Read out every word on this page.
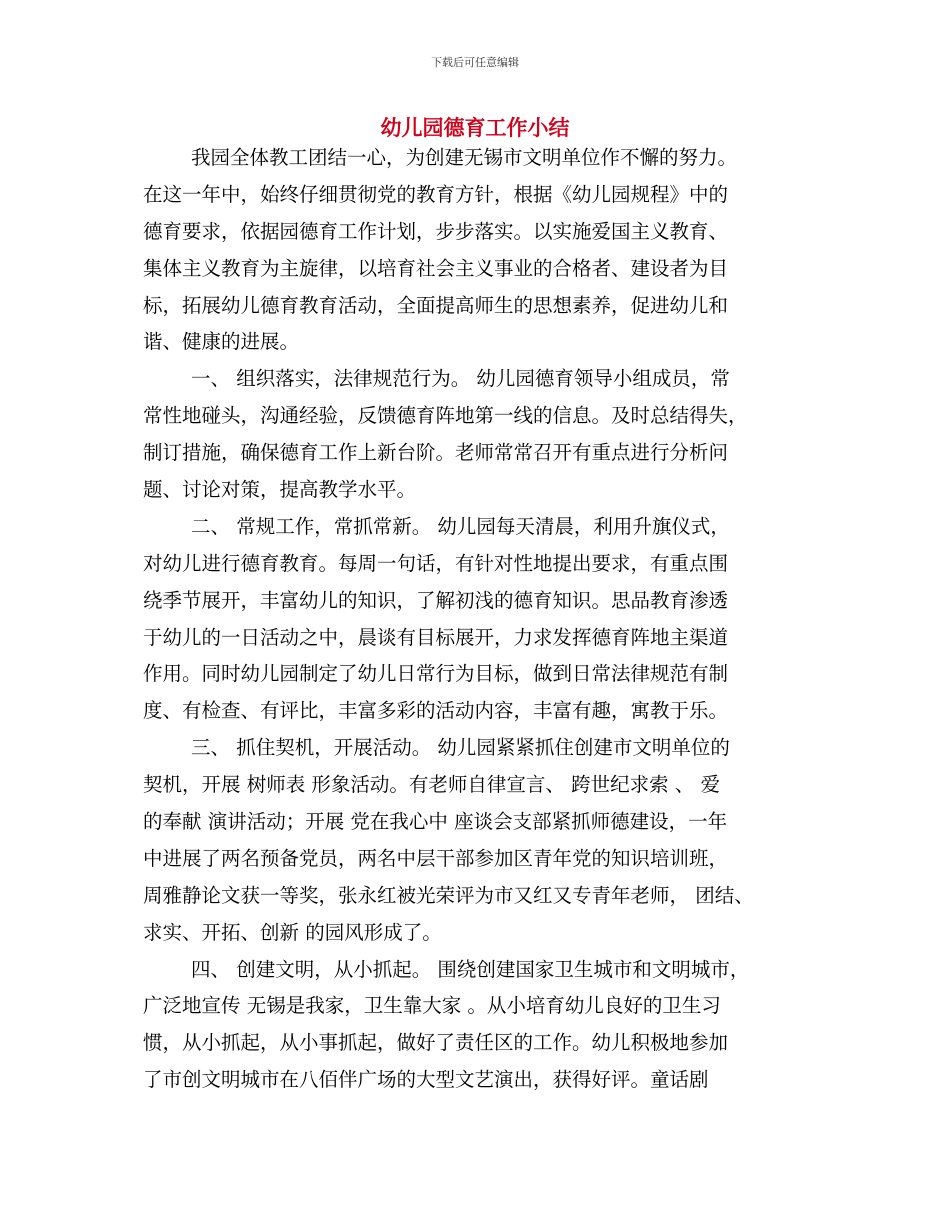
下载后可任意编辑
幼儿园德育工作小结
我园全体教工团结一心，为创建无锡市文明单位作不懈的努力。
在这一年中，始终仔细贯彻党的教育方针，根据《幼儿园规程》中的
德育要求，依据园德育工作计划，步步落实。以实施爱国主义教育、
集体主义教育为主旋律，以培育社会主义事业的合格者、建设者为目
标，拓展幼儿德育教育活动，全面提高师生的思想素养，促进幼儿和
谐、健康的进展。
一、 组织落实，法律规范行为。 幼儿园德育领导小组成员，常
常性地碰头，沟通经验，反馈德育阵地第一线的信息。及时总结得失，
制订措施，确保德育工作上新台阶。老师常常召开有重点进行分析问
题、讨论对策，提高教学水平。
二、 常规工作，常抓常新。 幼儿园每天清晨，利用升旗仪式，
对幼儿进行德育教育。每周一句话，有针对性地提出要求，有重点围
绕季节展开，丰富幼儿的知识，了解初浅的德育知识。思品教育渗透
于幼儿的一日活动之中，晨谈有目标展开，力求发挥德育阵地主渠道
作用。同时幼儿园制定了幼儿日常行为目标，做到日常法律规范有制
度、有检查、有评比，丰富多彩的活动内容，丰富有趣，寓教于乐。
三、 抓住契机，开展活动。 幼儿园紧紧抓住创建市文明单位的
契机，开展 树师表 形象活动。有老师自律宣言、 跨世纪求索 、 爱
的奉献 演讲活动；开展 党在我心中 座谈会支部紧抓师德建设，一年
中进展了两名预备党员，两名中层干部参加区青年党的知识培训班，
周雅静论文获一等奖，张永红被光荣评为市又红又专青年老师， 团结、
求实、开拓、创新 的园风形成了。
四、 创建文明，从小抓起。 围绕创建国家卫生城市和文明城市，
广泛地宣传 无锡是我家，卫生靠大家 。从小培育幼儿良好的卫生习
惯，从小抓起，从小事抓起，做好了责任区的工作。幼儿积极地参加
了市创文明城市在八佰伴广场的大型文艺演出，获得好评。童话剧
